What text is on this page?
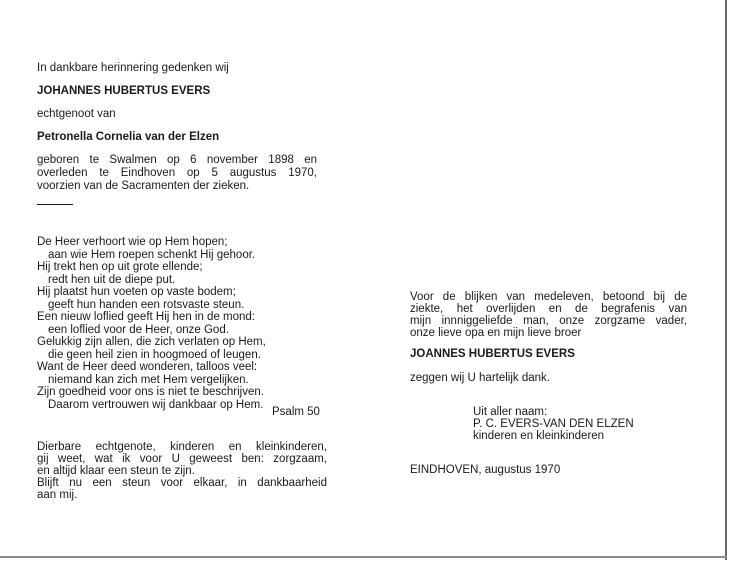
In dankbare herinnering gedenken wij
JOHANNES HUBERTUS EVERS
echtgenoot van
Petronella Cornelia van der Elzen
geboren te Swalmen op 6 november 1898 en
overleden te Eindhoven op 5 augustus 1970,
voorzien van de Sacramenten der zieken.
De Heer verhoort wie op Hem hopen;
aan wie Hem roepen schenkt Hij gehoor.
Hij trekt hen op uit grote ellende;
redt hen uit de diepe put.
Hij plaatst hun voeten op vaste bodem;
geeft hun handen een rotsvaste steun.
Een nieuw loflied geeft Hij hen in de mond:
een loflied voor de Heer, onze God.
Gelukkig zijn allen, die zich verlaten op Hem,
die geen heil zien in hoogmoed of leugen.
Want de Heer deed wonderen, talloos veel:
niemand kan zich met Hem vergelijken.
Zijn goedheid voor ons is niet te beschrijven.
Daarom vertrouwen wij dankbaar op Hem.
Psalm 50
Dierbare echtgenote, kinderen en kleinkinderen,
gij weet, wat ik voor U geweest ben: zorgzaam,
en altijd klaar een steun te zijn.
Blijft nu een steun voor elkaar, in dankbaarheid
aan mij.
Voor de blijken van medeleven, betoond bij de
ziekte, het overlijden en de begrafenis van
mijn innniggeliefde man, onze zorgzame vader,
onze lieve opa en mijn lieve broer
JOANNES HUBERTUS EVERS
zeggen wij U hartelijk dank.
Uit aller naam:
P. C. EVERS-VAN DEN ELZEN
kinderen en kleinkinderen
EINDHOVEN, augustus 1970
